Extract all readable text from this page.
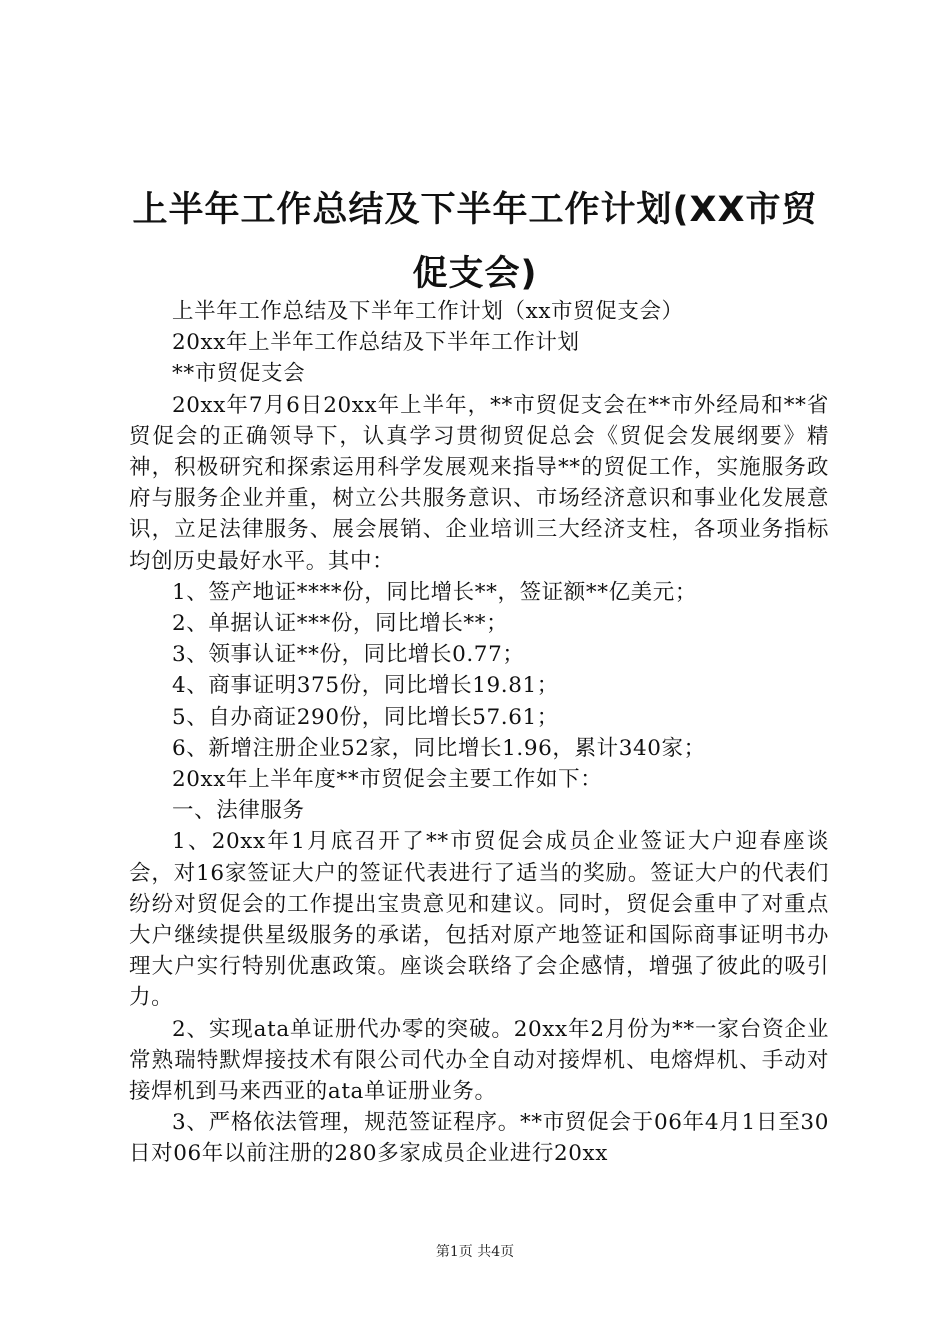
上半年工作总结及下半年工作计划(XX市贸促支会)

上半年工作总结及下半年工作计划（xx市贸促支会）

20xx年上半年工作总结及下半年工作计划

**市贸促支会

20xx年7月6日20xx年上半年，**市贸促支会在**市外经局和**省贸促会的正确领导下，认真学习贯彻贸促总会《贸促会发展纲要》精神，积极研究和探索运用科学发展观来指导**的贸促工作，实施服务政府与服务企业并重，树立公共服务意识、市场经济意识和事业化发展意识，立足法律服务、展会展销、企业培训三大经济支柱，各项业务指标均创历史最好水平。其中：

1、签产地证****份，同比增长**，签证额**亿美元；

2、单据认证***份，同比增长**；

3、领事认证**份，同比增长0.77；

4、商事证明375份，同比增长19.81；

5、自办商证290份，同比增长57.61；

6、新增注册企业52家，同比增长1.96，累计340家；

20xx年上半年度**市贸促会主要工作如下：

一、法律服务

1、20xx年1月底召开了**市贸促会成员企业签证大户迎春座谈会，对16家签证大户的签证代表进行了适当的奖励。签证大户的代表们纷纷对贸促会的工作提出宝贵意见和建议。同时，贸促会重申了对重点大户继续提供星级服务的承诺，包括对原产地签证和国际商事证明书办理大户实行特别优惠政策。座谈会联络了会企感情，增强了彼此的吸引力。

2、实现ata单证册代办零的突破。20xx年2月份为**一家台资企业常熟瑞特默焊接技术有限公司代办全自动对接焊机、电熔焊机、手动对接焊机到马来西亚的ata单证册业务。

3、严格依法管理，规范签证程序。**市贸促会于06年4月1日至30日对06年以前注册的280多家成员企业进行20xx

第1页 共4页
